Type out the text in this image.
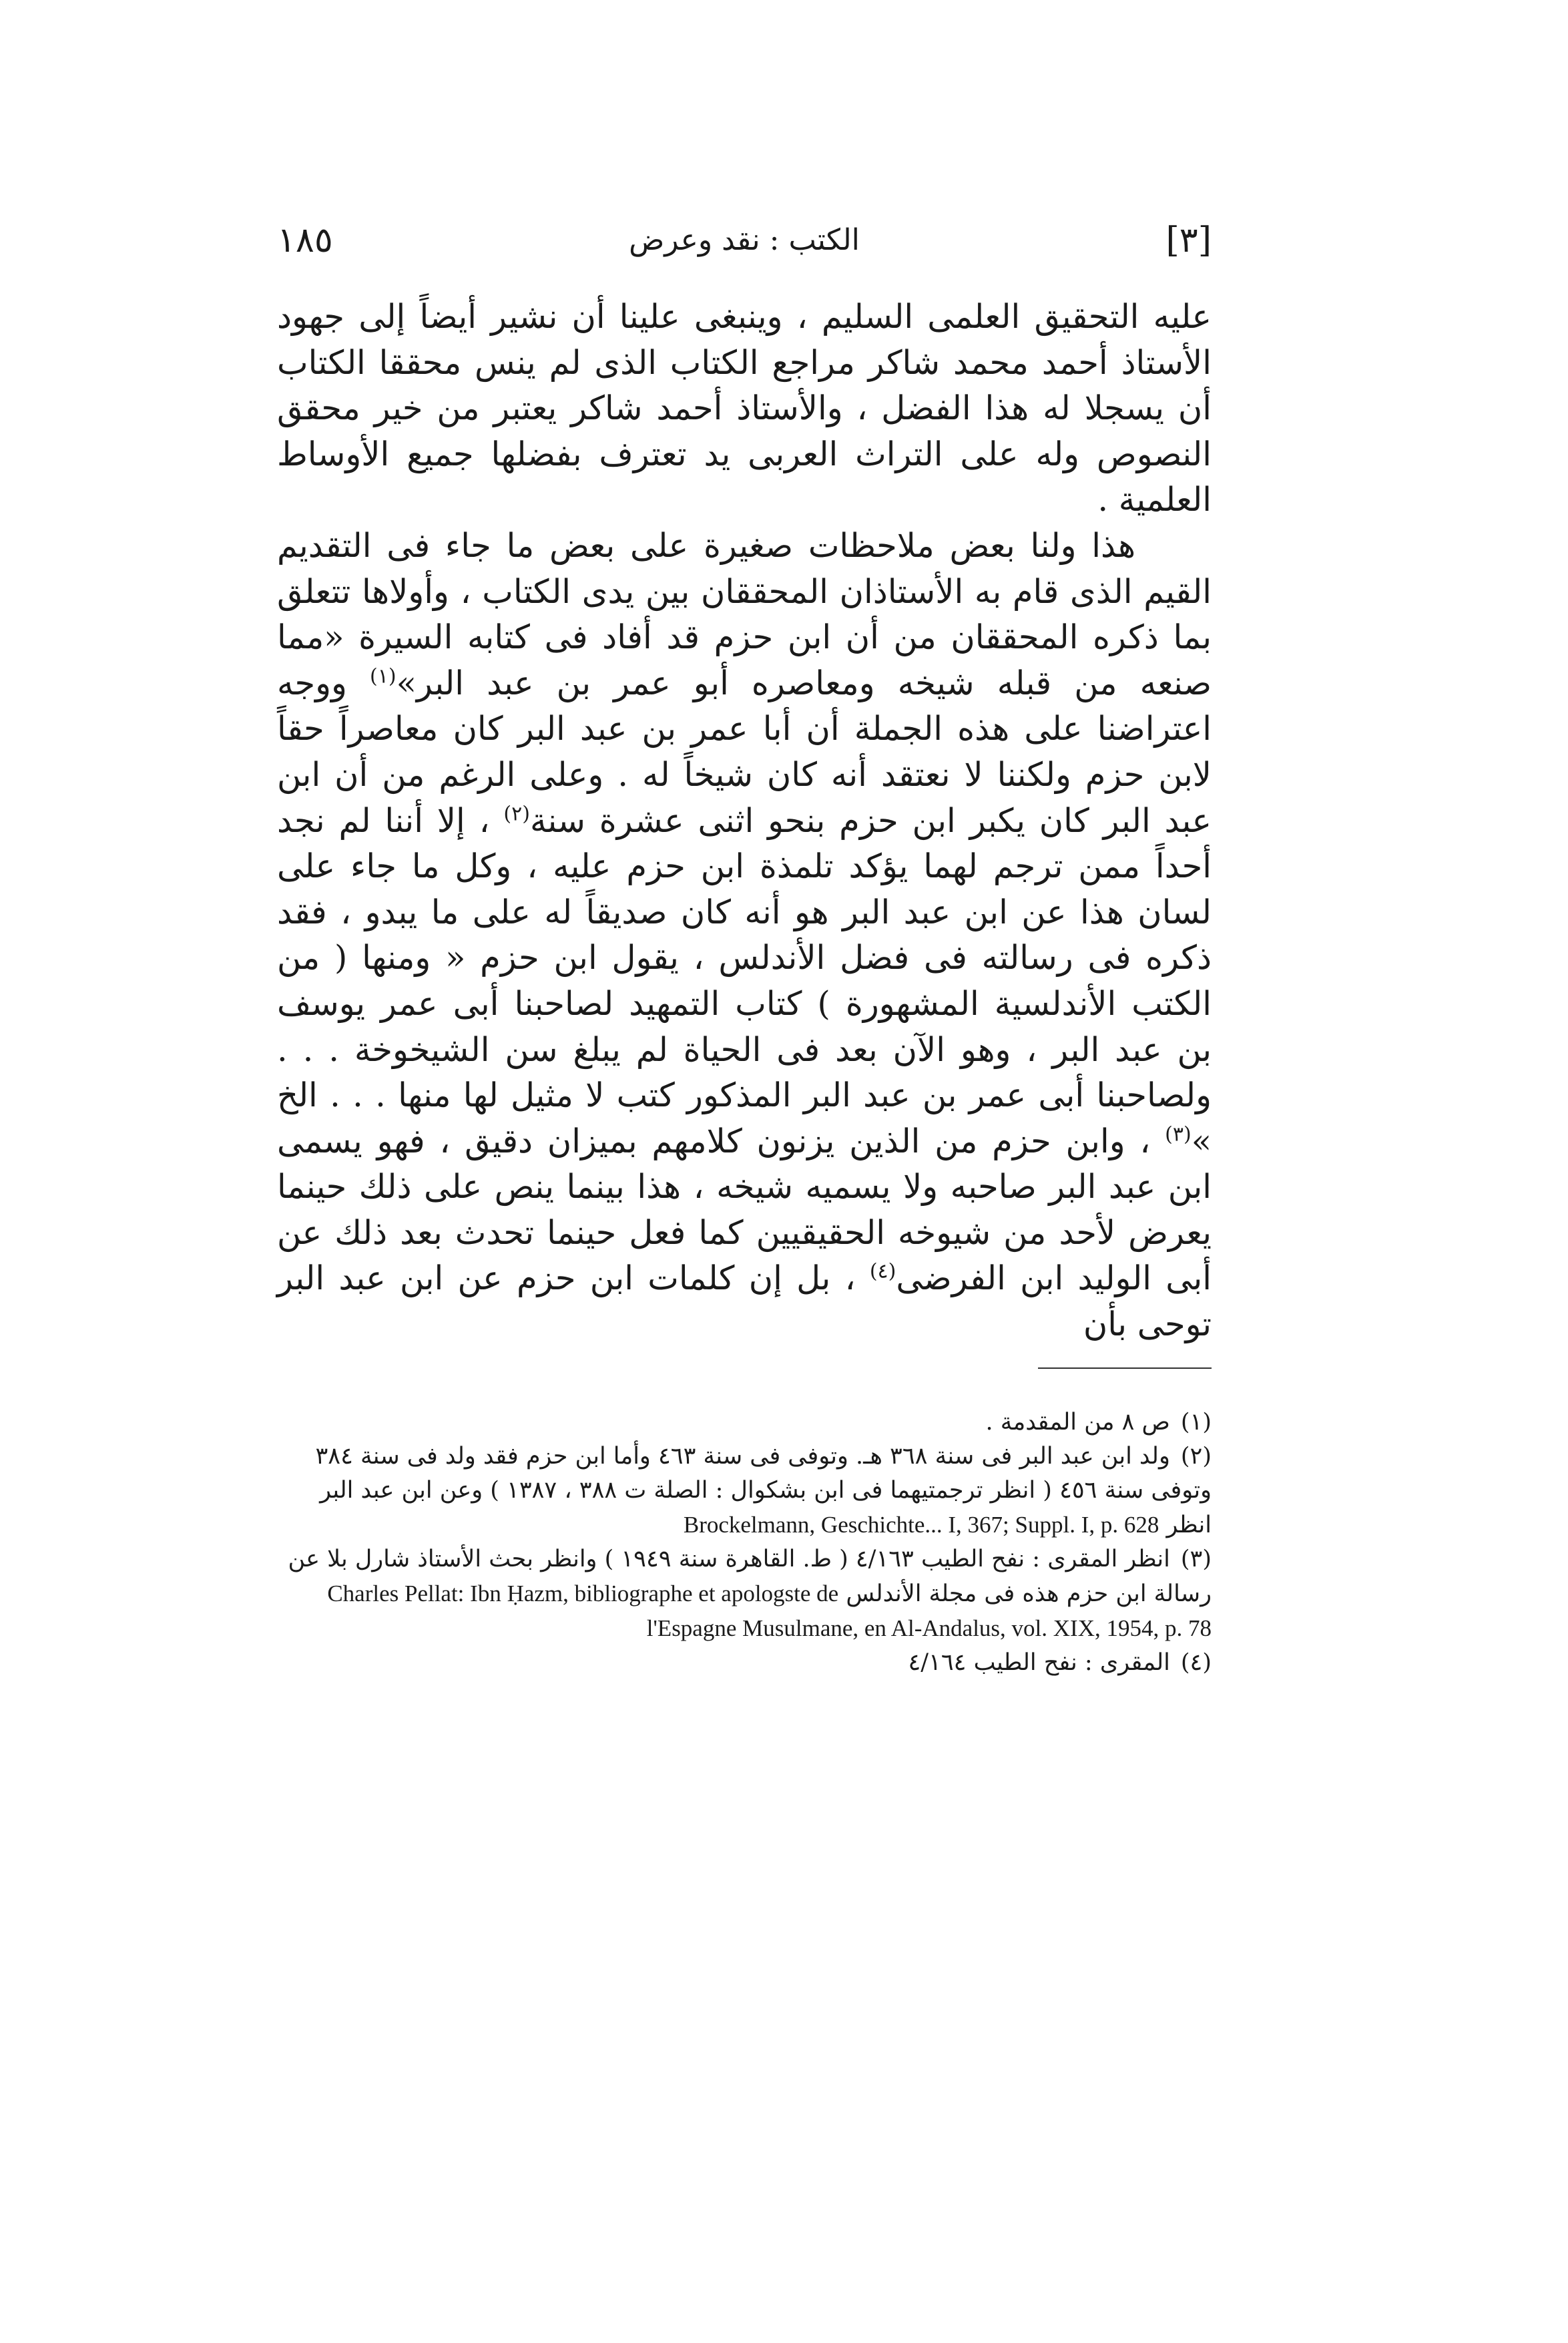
[٣]
الكتب : نقد وعرض
١٨٥

عليه التحقيق العلمى السليم ، وينبغى علينا أن نشير أيضاً إلى جهود الأستاذ أحمد محمد شاكر مراجع الكتاب الذى لم ينس محققا الكتاب أن يسجلا له هذا الفضل ، والأستاذ أحمد شاكر يعتبر من خير محقق النصوص وله على التراث العربى يد تعترف بفضلها جميع الأوساط العلمية .

هذا ولنا بعض ملاحظات صغيرة على بعض ما جاء فى التقديم القيم الذى قام به الأستاذان المحققان بين يدى الكتاب ، وأولاها تتعلق بما ذكره المحققان من أن ابن حزم قد أفاد فى كتابه السيرة «مما صنعه من قبله شيخه ومعاصره أبو عمر بن عبد البر»$^{(١)}$ ووجه اعتراضنا على هذه الجملة أن أبا عمر بن عبد البر كان معاصراً حقاً لابن حزم ولكننا لا نعتقد أنه كان شيخاً له . وعلى الرغم من أن ابن عبد البر كان يكبر ابن حزم بنحو اثنى عشرة سنة$^{(٢)}$ ، إلا أننا لم نجد أحداً ممن ترجم لهما يؤكد تلمذة ابن حزم عليه ، وكل ما جاء على لسان هذا عن ابن عبد البر هو أنه كان صديقاً له على ما يبدو ، فقد ذكره فى رسالته فى فضل الأندلس ، يقول ابن حزم « ومنها ( من الكتب الأندلسية المشهورة ) كتاب التمهيد لصاحبنا أبى عمر يوسف بن عبد البر ، وهو الآن بعد فى الحياة لم يبلغ سن الشيخوخة . . . ولصاحبنا أبى عمر بن عبد البر المذكور كتب لا مثيل لها منها . . . الخ »$^{(٣)}$ ، وابن حزم من الذين يزنون كلامهم بميزان دقيق ، فهو يسمى ابن عبد البر صاحبه ولا يسميه شيخه ، هذا بينما ينص على ذلك حينما يعرض لأحد من شيوخه الحقيقيين كما فعل حينما تحدث بعد ذلك عن أبى الوليد ابن الفرضى$^{(٤)}$ ، بل إن كلمات ابن حزم عن ابن عبد البر توحى بأن

(١)ص ٨ من المقدمة .

(٢)ولد ابن عبد البر فى سنة ٣٦٨ هـ. وتوفى فى سنة ٤٦٣ وأما ابن حزم فقد ولد فى سنة ٣٨٤ وتوفى سنة ٤٥٦ ( انظر ترجمتيهما فى ابن بشكوال : الصلة ت ٣٨٨ ، ١٣٨٧ ) وعن ابن عبد البر انظر Brockelmann, Geschichte... I, 367; Suppl. I, p. 628

(٣)انظر المقرى : نفح الطيب ٤/١٦٣ ( ط. القاهرة سنة ١٩٤٩ ) وانظر بحث الأستاذ شارل بلا عن رسالة ابن حزم هذه فى مجلة الأندلس Charles Pellat: Ibn Ḥazm, bibliographe et apologste de l'Espagne Musulmane, en Al-Andalus, vol. XIX, 1954, p. 78

(٤)المقرى : نفح الطيب ٤/١٦٤
